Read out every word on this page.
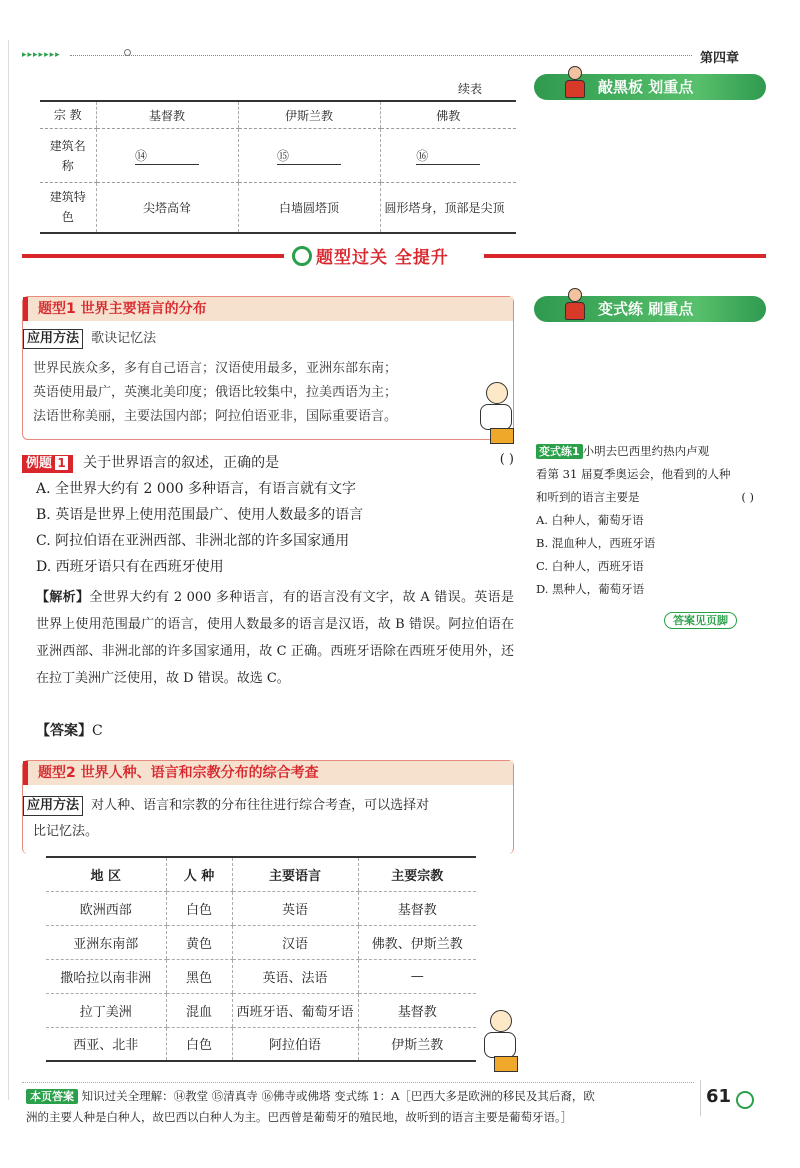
▸▸▸▸▸▸▸	第四章
续表
宗 教	基督教	伊斯兰教	佛教
建筑名称	⑭	⑮	⑯
建筑特色	尖塔高耸	白墙圆塔顶	圆形塔身，顶部是尖顶
敲黑板 划重点
题型过关 全提升
题型1 世界主要语言的分布
应用方法 歌诀记忆法
世界民族众多，多有自己语言；汉语使用最多，亚洲东部东南；
英语使用最广，英澳北美印度；俄语比较集中，拉美西语为主；
法语世称美丽，主要法国内部；阿拉伯语亚非，国际重要语言。
例题 1 关于世界语言的叙述，正确的是	( )
A. 全世界大约有 2 000 多种语言，有语言就有文字
B. 英语是世界上使用范围最广、使用人数最多的语言
C. 阿拉伯语在亚洲西部、非洲北部的许多国家通用
D. 西班牙语只有在西班牙使用
【解析】全世界大约有 2 000 多种语言，有的语言没有文字，故 A 错误。英语是世界上使用范围最广的语言，使用人数最多的语言是汉语，故 B 错误。阿拉伯语在亚洲西部、非洲北部的许多国家通用，故 C 正确。西班牙语除在西班牙使用外，还在拉丁美洲广泛使用，故 D 错误。故选 C。
【答案】C
题型2 世界人种、语言和宗教分布的综合考查
应用方法 对人种、语言和宗教的分布往往进行综合考查，可以选择对
比记忆法。
地 区	人 种	主要语言	主要宗教
欧洲西部	白色	英语	基督教
亚洲东南部	黄色	汉语	佛教、伊斯兰教
撒哈拉以南非洲	黑色	英语、法语	—
拉丁美洲	混血	西班牙语、葡萄牙语	基督教
西亚、北非	白色	阿拉伯语	伊斯兰教
变式练 刷重点
变式练1 小明去巴西里约热内卢观
看第 31 届夏季奥运会，他看到的人种
和听到的语言主要是	( )
A. 白种人，葡萄牙语
B. 混血种人，西班牙语
C. 白种人，西班牙语
D. 黑种人，葡萄牙语
答案见页脚
本页答案 知识过关全理解：⑭教堂 ⑮清真寺 ⑯佛寺或佛塔 变式练 1：A［巴西大多是欧洲的移民及其后裔，欧
洲的主要人种是白种人，故巴西以白种人为主。巴西曾是葡萄牙的殖民地，故听到的语言主要是葡萄牙语。］
61
